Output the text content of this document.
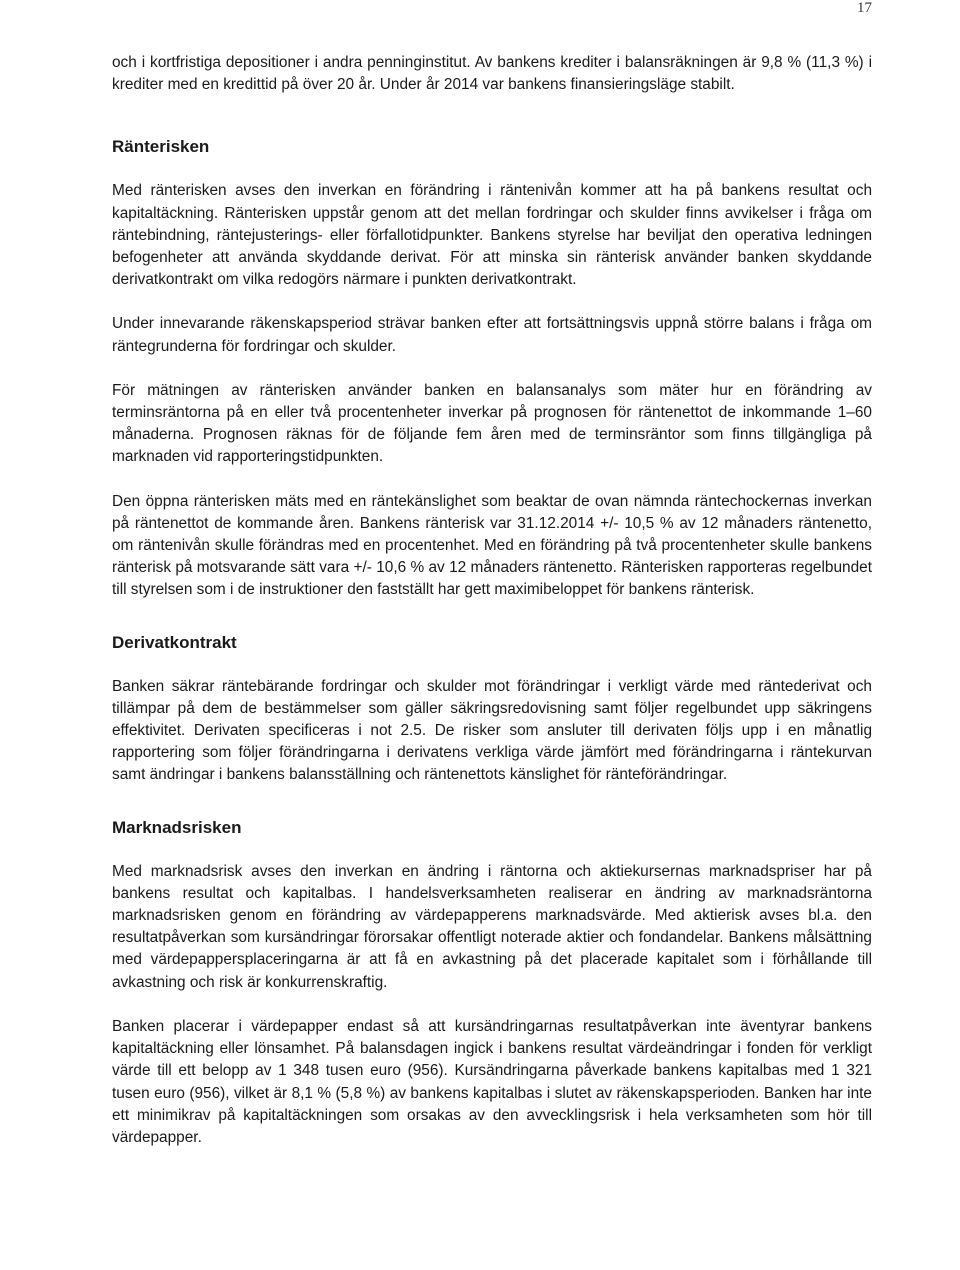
17

och i kortfristiga depositioner i andra penninginstitut. Av bankens krediter i balansräkningen är 9,8 % (11,3 %) i krediter med en kredittid på över 20 år. Under år 2014 var bankens finansieringsläge stabilt.

Ränterisken

Med ränterisken avses den inverkan en förändring i räntenivån kommer att ha på bankens resultat och kapitaltäckning. Ränterisken uppstår genom att det mellan fordringar och skulder finns avvikelser i fråga om räntebindning, räntejusterings- eller förfallotidpunkter. Bankens styrelse har beviljat den operativa ledningen befogenheter att använda skyddande derivat. För att minska sin ränterisk använder banken skyddande derivatkontrakt om vilka redogörs närmare i punkten derivatkontrakt.

Under innevarande räkenskapsperiod strävar banken efter att fortsättningsvis uppnå större balans i fråga om räntegrunderna för fordringar och skulder.

För mätningen av ränterisken använder banken en balansanalys som mäter hur en förändring av terminsräntorna på en eller två procentenheter inverkar på prognosen för räntenettot de inkommande 1–60 månaderna. Prognosen räknas för de följande fem åren med de terminsräntor som finns tillgängliga på marknaden vid rapporteringstidpunkten.

Den öppna ränterisken mäts med en räntekänslighet som beaktar de ovan nämnda räntechockernas inverkan på räntenettot de kommande åren. Bankens ränterisk var 31.12.2014 +/- 10,5 % av 12 månaders räntenetto, om räntenivån skulle förändras med en procentenhet. Med en förändring på två procentenheter skulle bankens ränterisk på motsvarande sätt vara +/- 10,6 % av 12 månaders räntenetto. Ränterisken rapporteras regelbundet till styrelsen som i de instruktioner den fastställt har gett maximibeloppet för bankens ränterisk.

Derivatkontrakt

Banken säkrar räntebärande fordringar och skulder mot förändringar i verkligt värde med räntederivat och tillämpar på dem de bestämmelser som gäller säkringsredovisning samt följer regelbundet upp säkringens effektivitet. Derivaten specificeras i not 2.5. De risker som ansluter till derivaten följs upp i en månatlig rapportering som följer förändringarna i derivatens verkliga värde jämfört med förändringarna i räntekurvan samt ändringar i bankens balansställning och räntenettots känslighet för ränteförändringar.

Marknadsrisken

Med marknadsrisk avses den inverkan en ändring i räntorna och aktiekursernas marknadspriser har på bankens resultat och kapitalbas. I handelsverksamheten realiserar en ändring av marknadsräntorna marknadsrisken genom en förändring av värdepapperens marknadsvärde. Med aktierisk avses bl.a. den resultatpåverkan som kursändringar förorsakar offentligt noterade aktier och fondandelar. Bankens målsättning med värdepappersplaceringarna är att få en avkastning på det placerade kapitalet som i förhållande till avkastning och risk är konkurrenskraftig.

Banken placerar i värdepapper endast så att kursändringarnas resultatpåverkan inte äventyrar bankens kapitaltäckning eller lönsamhet. På balansdagen ingick i bankens resultat värdeändringar i fonden för verkligt värde till ett belopp av 1 348 tusen euro (956). Kursändringarna påverkade bankens kapitalbas med 1 321 tusen euro (956), vilket är 8,1 % (5,8 %) av bankens kapitalbas i slutet av räkenskapsperioden. Banken har inte ett minimikrav på kapitaltäckningen som orsakas av den avvecklingsrisk i hela verksamheten som hör till värdepapper.
